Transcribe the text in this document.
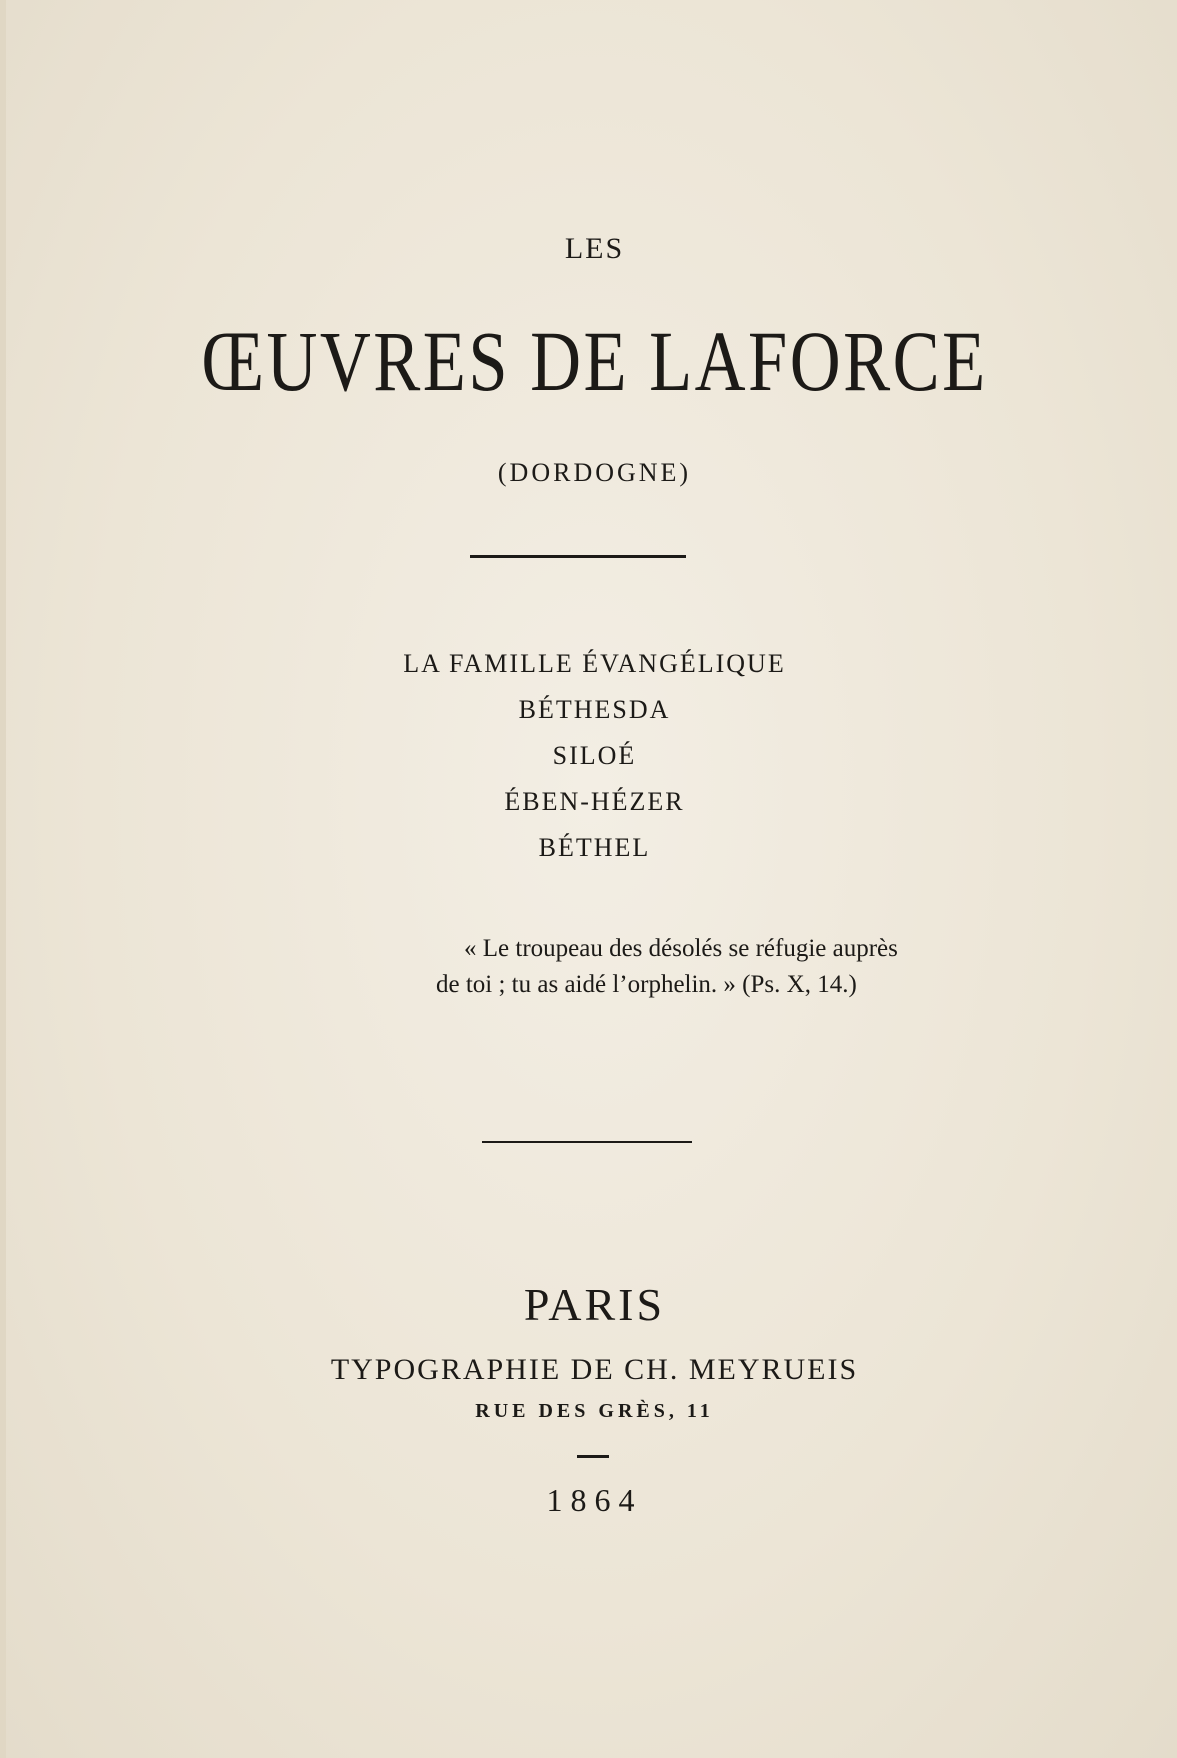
LES
ŒUVRES DE LAFORCE
(DORDOGNE)
LA FAMILLE ÉVANGÉLIQUE
BÉTHESDA
SILOÉ
ÉBEN-HÉZER
BÉTHEL
« Le troupeau des désolés se réfugie auprès
de toi ; tu as aidé l’orphelin. » (Ps. X, 14.)
PARIS
TYPOGRAPHIE DE CH. MEYRUEIS
RUE DES GRÈS, 11
1864
